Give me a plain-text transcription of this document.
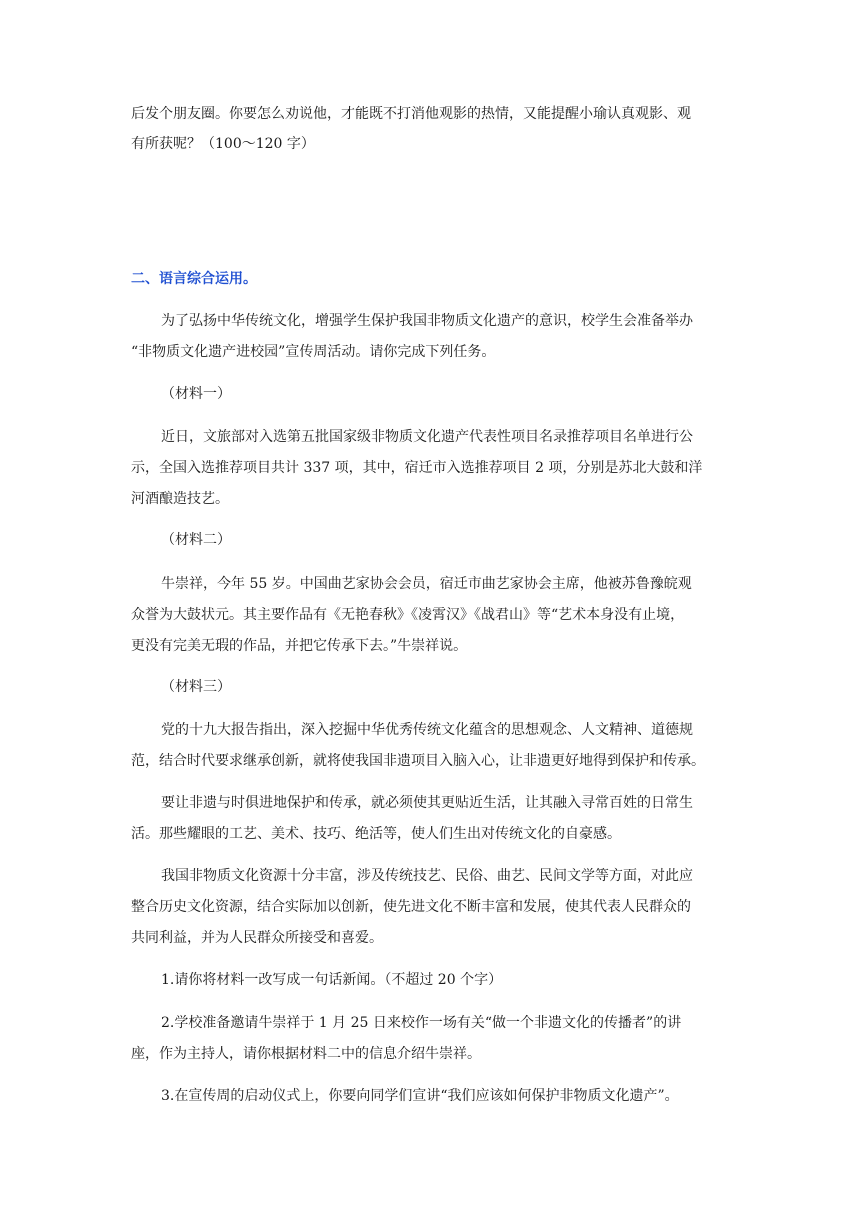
后发个朋友圈。你要怎么劝说他，才能既不打消他观影的热情，又能提醒小瑜认真观影、观

有所获呢？（100～120 字）

二、语言综合运用。

为了弘扬中华传统文化，增强学生保护我国非物质文化遗产的意识，校学生会准备举办

“非物质文化遗产进校园”宣传周活动。请你完成下列任务。

（材料一）

近日，文旅部对入选第五批国家级非物质文化遗产代表性项目名录推荐项目名单进行公

示，全国入选推荐项目共计 337 项，其中，宿迁市入选推荐项目 2 项，分别是苏北大鼓和洋

河酒酿造技艺。

（材料二）

牛崇祥，今年 55 岁。中国曲艺家协会会员，宿迁市曲艺家协会主席，他被苏鲁豫皖观

众誉为大鼓状元。其主要作品有《无艳春秋》《凌霄汉》《战君山》等“艺术本身没有止境，

更没有完美无瑕的作品，并把它传承下去。”牛崇祥说。

（材料三）

党的十九大报告指出，深入挖掘中华优秀传统文化蕴含的思想观念、人文精神、道德规

范，结合时代要求继承创新，就将使我国非遗项目入脑入心，让非遗更好地得到保护和传承。

要让非遗与时俱进地保护和传承，就必须使其更贴近生活，让其融入寻常百姓的日常生

活。那些耀眼的工艺、美术、技巧、绝活等，使人们生出对传统文化的自豪感。

我国非物质文化资源十分丰富，涉及传统技艺、民俗、曲艺、民间文学等方面，对此应

整合历史文化资源，结合实际加以创新，使先进文化不断丰富和发展，使其代表人民群众的

共同利益，并为人民群众所接受和喜爱。

1.请你将材料一改写成一句话新闻。（不超过 20 个字）

2.学校准备邀请牛崇祥于 1 月 25 日来校作一场有关“做一个非遗文化的传播者”的讲

座，作为主持人，请你根据材料二中的信息介绍牛崇祥。

3.在宣传周的启动仪式上，你要向同学们宣讲“我们应该如何保护非物质文化遗产”。
